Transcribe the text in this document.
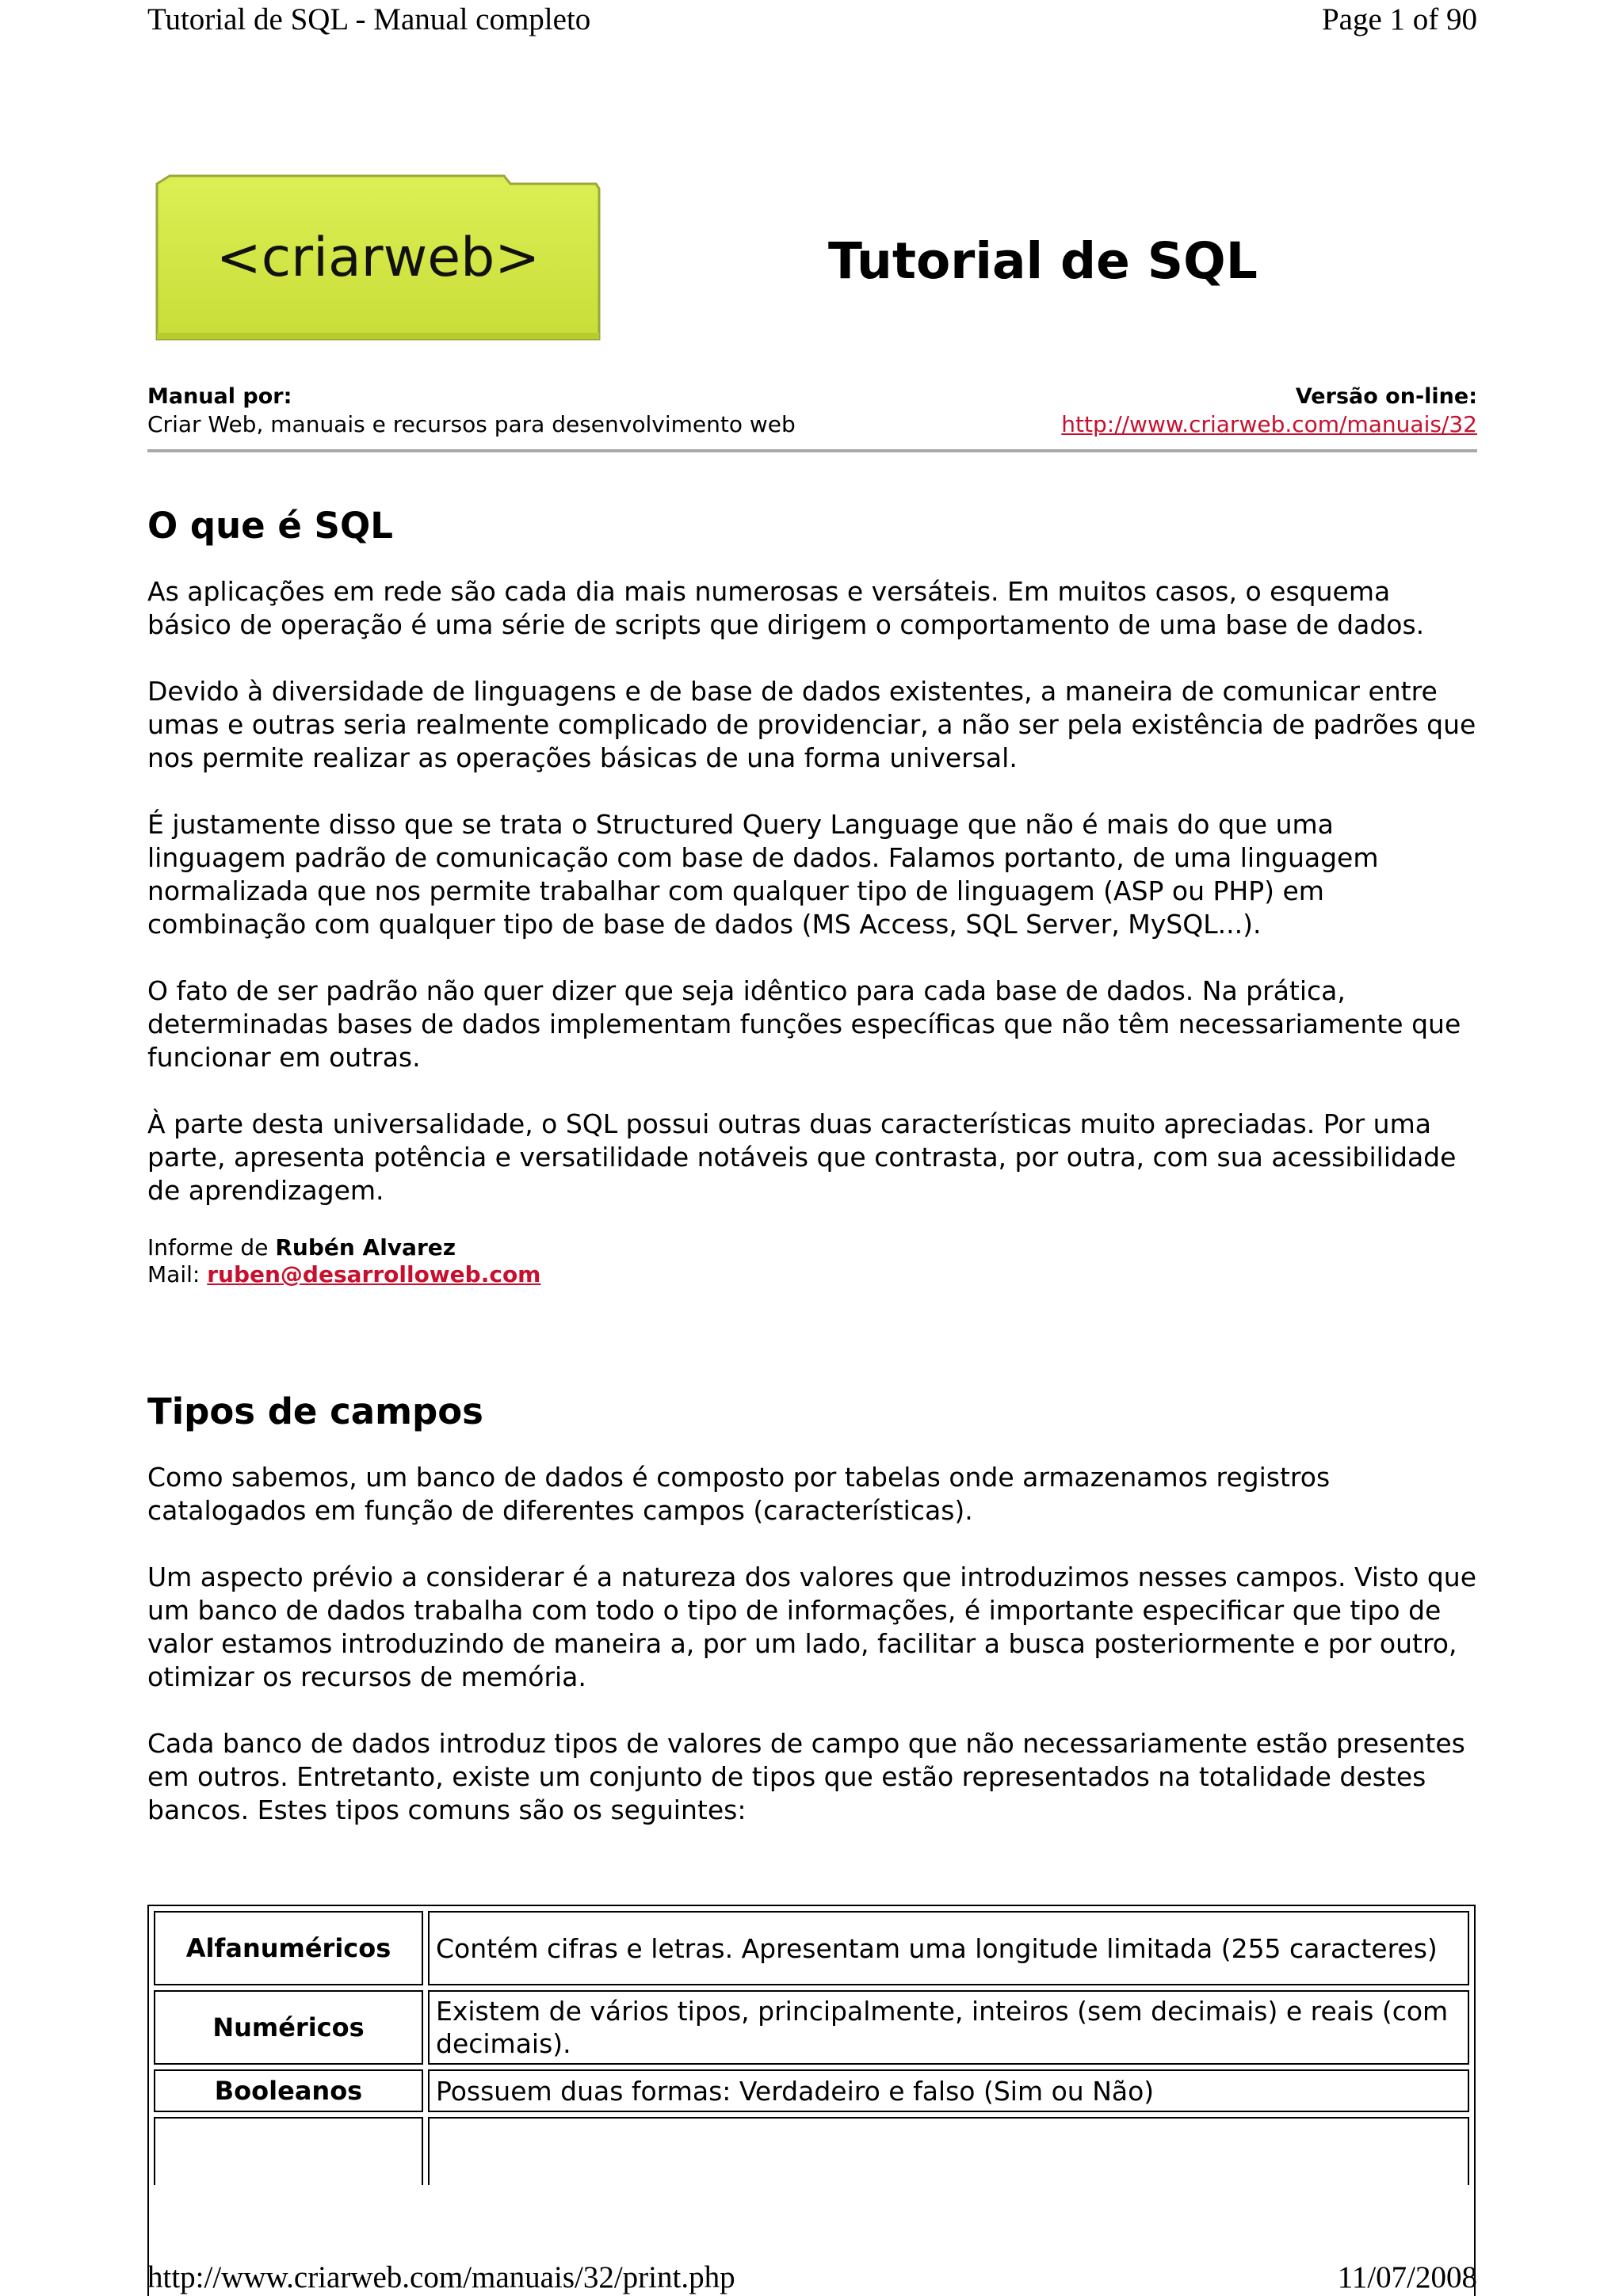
Tutorial de SQL - Manual completo	Page 1 of 90
<criarweb>	Tutorial de SQL
Manual por:
Criar Web, manuais e recursos para desenvolvimento web
Versão on-line:
http://www.criarweb.com/manuais/32
O que é SQL

As aplicações em rede são cada dia mais numerosas e versáteis. Em muitos casos, o esquema básico de operação é uma série de scripts que dirigem o comportamento de uma base de dados.

Devido à diversidade de linguagens e de base de dados existentes, a maneira de comunicar entre umas e outras seria realmente complicado de providenciar, a não ser pela existência de padrões que nos permite realizar as operações básicas de una forma universal.

É justamente disso que se trata o Structured Query Language que não é mais do que uma linguagem padrão de comunicação com base de dados. Falamos portanto, de uma linguagem normalizada que nos permite trabalhar com qualquer tipo de linguagem (ASP ou PHP) em combinação com qualquer tipo de base de dados (MS Access, SQL Server, MySQL...).

O fato de ser padrão não quer dizer que seja idêntico para cada base de dados. Na prática, determinadas bases de dados implementam funções específicas que não têm necessariamente que funcionar em outras.

À parte desta universalidade, o SQL possui outras duas características muito apreciadas. Por uma parte, apresenta potência e versatilidade notáveis que contrasta, por outra, com sua acessibilidade de aprendizagem.

Informe de Rubén Alvarez
Mail: ruben@desarrolloweb.com
Tipos de campos

Como sabemos, um banco de dados é composto por tabelas onde armazenamos registros catalogados em função de diferentes campos (características).

Um aspecto prévio a considerar é a natureza dos valores que introduzimos nesses campos. Visto que um banco de dados trabalha com todo o tipo de informações, é importante especificar que tipo de valor estamos introduzindo de maneira a, por um lado, facilitar a busca posteriormente e por outro, otimizar os recursos de memória.

Cada banco de dados introduz tipos de valores de campo que não necessariamente estão presentes em outros. Entretanto, existe um conjunto de tipos que estão representados na totalidade destes bancos. Estes tipos comuns são os seguintes:

Alfanuméricos	Contém cifras e letras. Apresentam uma longitude limitada (255 caracteres)
Numéricos	Existem de vários tipos, principalmente, inteiros (sem decimais) e reais (com decimais).
Booleanos	Possuem duas formas: Verdadeiro e falso (Sim ou Não)

http://www.criarweb.com/manuais/32/print.php	11/07/2008
